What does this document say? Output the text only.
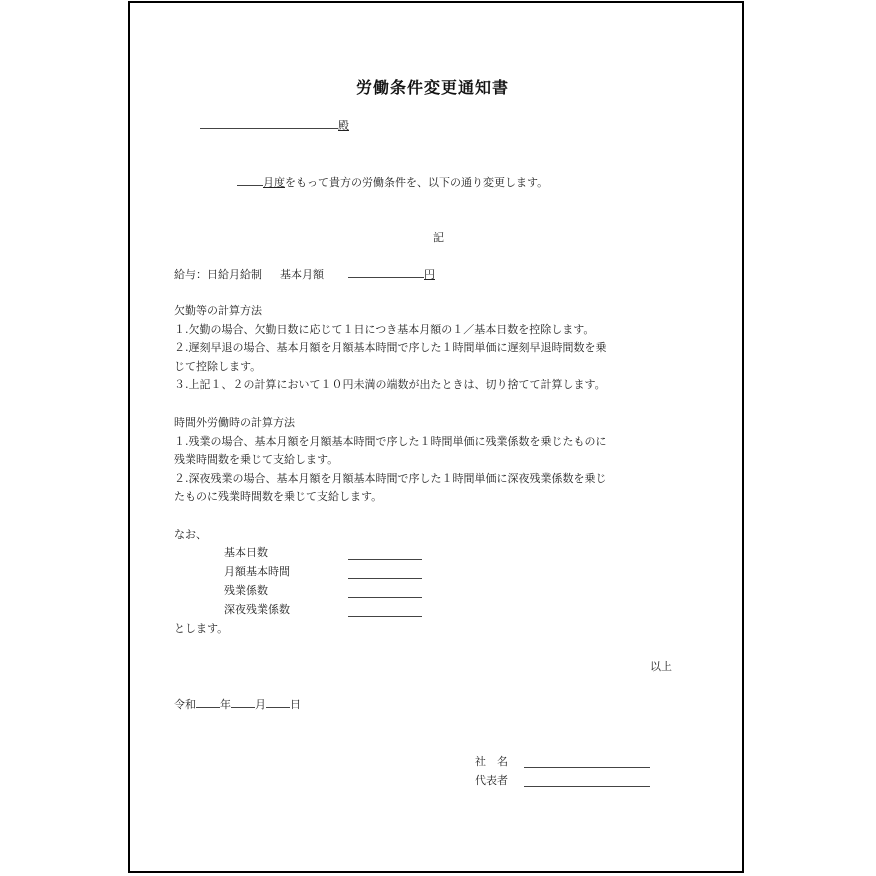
労働条件変更通知書
殿
月度をもって貴方の労働条件を、以下の通り変更します。
記
給与：日給月給制 基本月額	円
欠勤等の計算方法
１.欠勤の場合、欠勤日数に応じて１日につき基本月額の１／基本日数を控除します。
２.遅刻早退の場合、基本月額を月額基本時間で序した１時間単価に遅刻早退時間数を乗
じて控除します。
３.上記１、２の計算において１０円未満の端数が出たときは、切り捨てて計算します。
時間外労働時の計算方法
１.残業の場合、基本月額を月額基本時間で序した１時間単価に残業係数を乗じたものに
残業時間数を乗じて支給します。
２.深夜残業の場合、基本月額を月額基本時間で序した１時間単価に深夜残業係数を乗じ
たものに残業時間数を乗じて支給します。
なお、
基本日数
月額基本時間
残業係数
深夜残業係数
とします。
以上
令和 年 月 日
社　名
代表者
